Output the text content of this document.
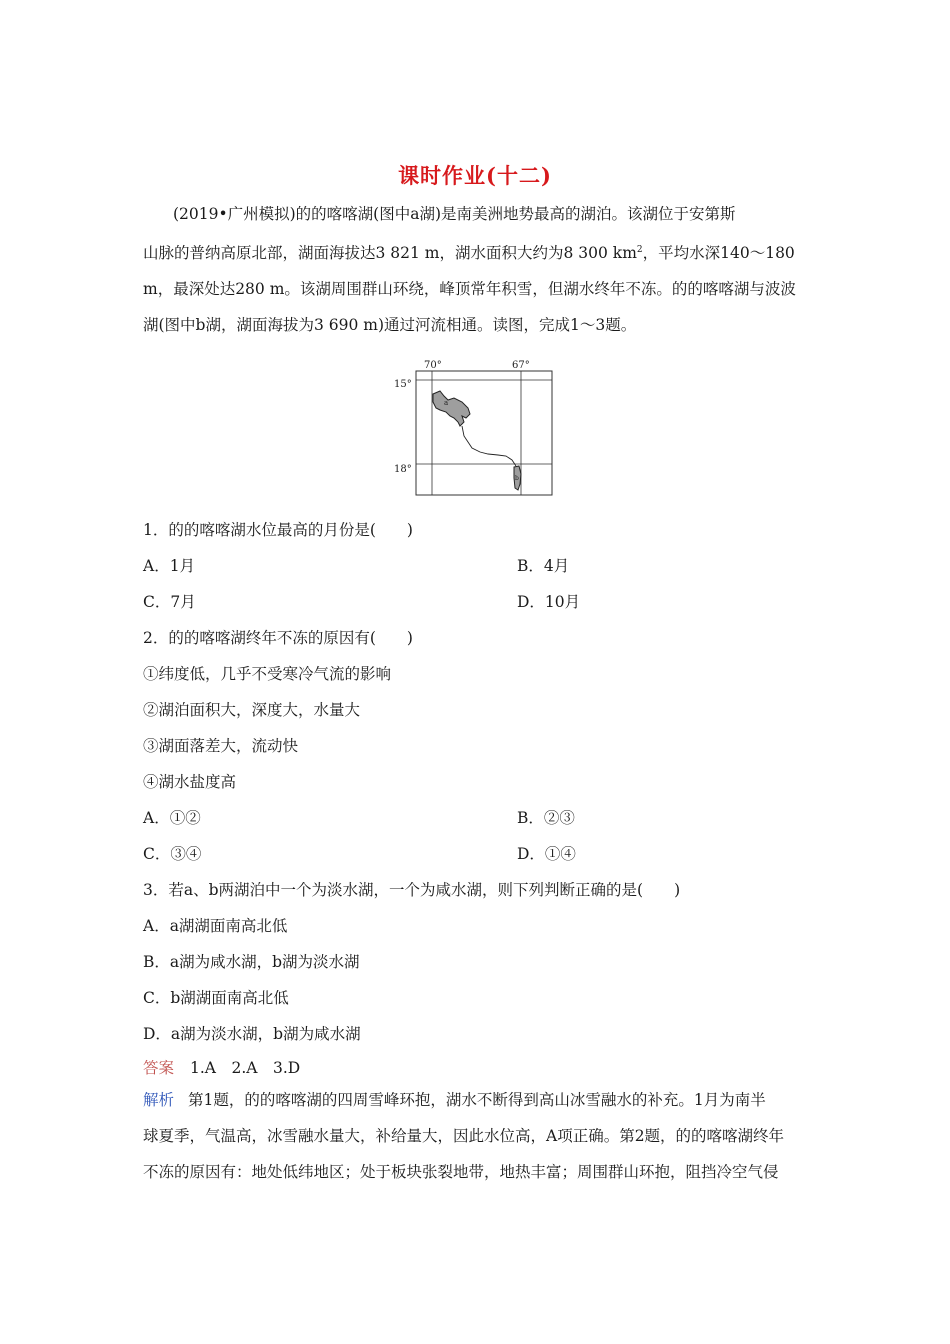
课时作业(十二)
(2019•广州模拟)的的喀喀湖(图中a湖)是南美洲地势最高的湖泊。该湖位于安第斯
山脉的普纳高原北部，湖面海拔达3 821 m，湖水面积大约为8 300 $km^2$，平均水深140～180
m，最深处达280 m。该湖周围群山环绕，峰顶常年积雪，但湖水终年不冻。的的喀喀湖与波波
湖(图中b湖，湖面海拔为3 690 m)通过河流相通。读图，完成1～3题。
70°	67°
15°
18°
a
b
1．的的喀喀湖水位最高的月份是(　　)
A．1月	B．4月
C．7月	D．10月
2．的的喀喀湖终年不冻的原因有(　　)
①纬度低，几乎不受寒冷气流的影响
②湖泊面积大，深度大，水量大
③湖面落差大，流动快
④湖水盐度高
A．①②	B．②③
C．③④	D．①④
3．若a、b两湖泊中一个为淡水湖，一个为咸水湖，则下列判断正确的是(　　)
A．a湖湖面南高北低
B．a湖为咸水湖，b湖为淡水湖
C．b湖湖面南高北低
D．a湖为淡水湖，b湖为咸水湖
答案 1.A　2.A　3.D
解析 第1题，的的喀喀湖的四周雪峰环抱，湖水不断得到高山冰雪融水的补充。1月为南半
球夏季，气温高，冰雪融水量大，补给量大，因此水位高，A项正确。第2题，的的喀喀湖终年
不冻的原因有：地处低纬地区；处于板块张裂地带，地热丰富；周围群山环抱，阻挡冷空气侵
